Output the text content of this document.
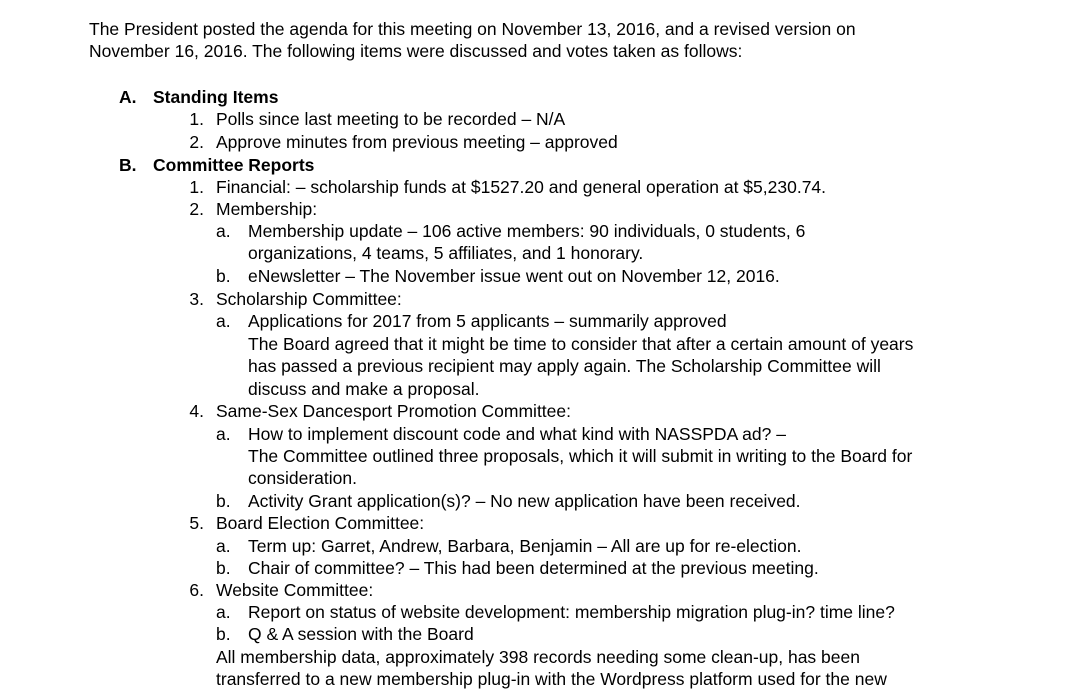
The President posted the agenda for this meeting on November 13, 2016, and a revised version on
November 16, 2016. The following items were discussed and votes taken as follows:
A. Standing Items
1. Polls since last meeting to be recorded – N/A
2. Approve minutes from previous meeting – approved
B. Committee Reports
1. Financial: – scholarship funds at $1527.20 and general operation at $5,230.74.
2. Membership:
a. Membership update – 106 active members: 90 individuals, 0 students, 6
organizations, 4 teams, 5 affiliates, and 1 honorary.
b. eNewsletter – The November issue went out on November 12, 2016.
3. Scholarship Committee:
a. Applications for 2017 from 5 applicants – summarily approved
The Board agreed that it might be time to consider that after a certain amount of years
has passed a previous recipient may apply again. The Scholarship Committee will
discuss and make a proposal.
4. Same-Sex Dancesport Promotion Committee:
a. How to implement discount code and what kind with NASSPDA ad? –
The Committee outlined three proposals, which it will submit in writing to the Board for
consideration.
b. Activity Grant application(s)? – No new application have been received.
5. Board Election Committee:
a. Term up: Garret, Andrew, Barbara, Benjamin – All are up for re-election.
b. Chair of committee? – This had been determined at the previous meeting.
6. Website Committee:
a. Report on status of website development: membership migration plug-in? time line?
b. Q & A session with the Board
All membership data, approximately 398 records needing some clean-up, has been
transferred to a new membership plug-in with the Wordpress platform used for the new
